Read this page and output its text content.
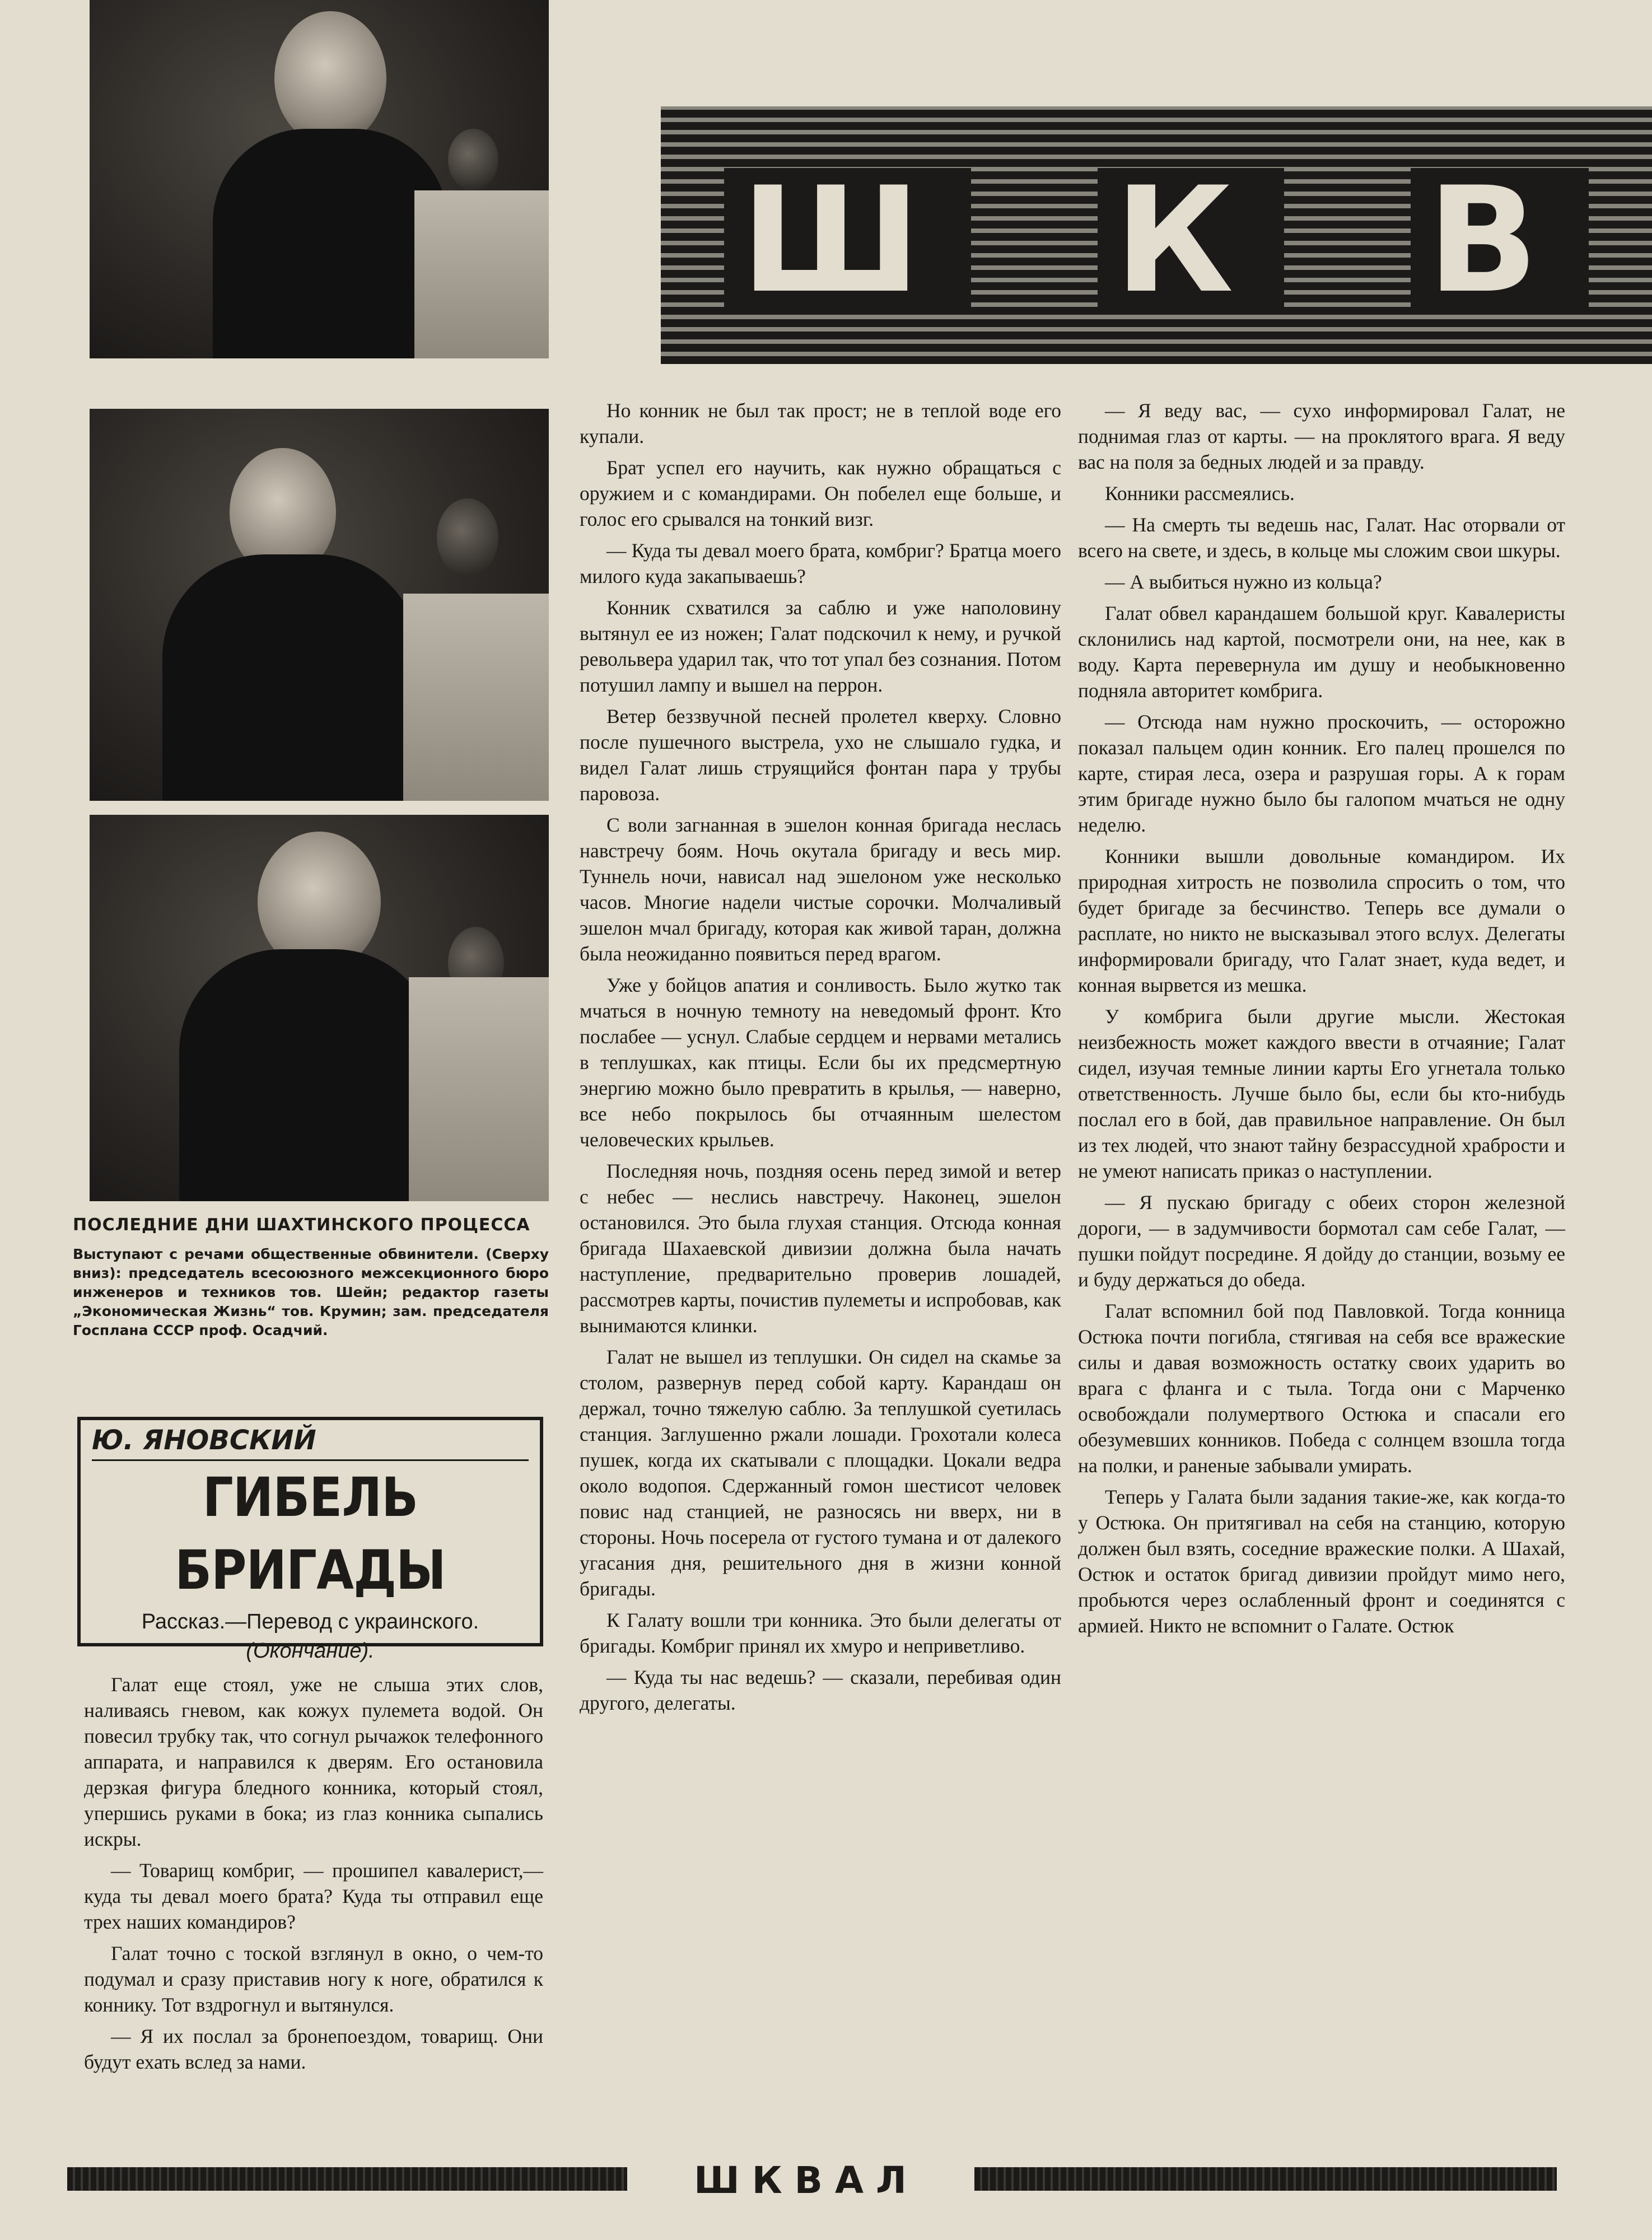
Ш К В

ПОСЛЕДНИЕ ДНИ ШАХТИНСКОГО ПРОЦЕССА

Выступают с речами общественные обвинители. (Сверху вниз): председатель всесоюзного межсекционного бюро инженеров и техников тов. Шейн; редактор газеты „Экономическая Жизнь“ тов. Крумин; зам. председателя Госплана СССР проф. Осадчий.

Ю. ЯНОВСКИЙ
ГИБЕЛЬ БРИГАДЫ
Рассказ.—Перевод с украинского.
(Окончание).

Галат еще стоял, уже не слыша этих слов, наливаясь гневом, как кожух пулемета водой. Он повесил трубку так, что согнул рычажок телефонного аппарата, и направился к дверям. Его остановила дерзкая фигура бледного конника, который стоял, упершись руками в бока; из глаз конника сыпались искры.

— Товарищ комбриг, — прошипел кавалерист,—куда ты девал моего брата? Куда ты отправил еще трех наших командиров?

Галат точно с тоской взглянул в окно, о чем-то подумал и сразу приставив ногу к ноге, обратился к коннику. Тот вздрогнул и вытянулся.

— Я их послал за бронепоездом, товарищ. Они будут ехать вслед за нами.

Но конник не был так прост; не в теплой воде его купали.

Брат успел его научить, как нужно обращаться с оружием и с командирами. Он побелел еще больше, и голос его срывался на тонкий визг.

— Куда ты девал моего брата, комбриг? Братца моего милого куда закапываешь?

Конник схватился за саблю и уже наполовину вытянул ее из ножен; Галат подскочил к нему, и ручкой револьвера ударил так, что тот упал без сознания. Потом потушил лампу и вышел на перрон.

Ветер беззвучной песней пролетел кверху. Словно после пушечного выстрела, ухо не слышало гудка, и видел Галат лишь струящийся фонтан пара у трубы паровоза.

С воли загнанная в эшелон конная бригада неслась навстречу боям. Ночь окутала бригаду и весь мир. Туннель ночи, нависал над эшелоном уже несколько часов. Многие надели чистые сорочки. Молчаливый эшелон мчал бригаду, которая как живой таран, должна была неожиданно появиться перед врагом.

Уже у бойцов апатия и сонливость. Было жутко так мчаться в ночную темноту на неведомый фронт. Кто послабее — уснул. Слабые сердцем и нервами метались в теплушках, как птицы. Если бы их предсмертную энергию можно было превратить в крылья, — наверно, все небо покрылось бы отчаянным шелестом человеческих крыльев.

Последняя ночь, поздняя осень перед зимой и ветер с небес — неслись навстречу. Наконец, эшелон остановился. Это была глухая станция. Отсюда конная бригада Шахаевской дивизии должна была начать наступление, предварительно проверив лошадей, рассмотрев карты, почистив пулеметы и испробовав, как вынимаются клинки.

Галат не вышел из теплушки. Он сидел на скамье за столом, развернув перед собой карту. Карандаш он держал, точно тяжелую саблю. За теплушкой суетилась станция. Заглушенно ржали лошади. Грохотали колеса пушек, когда их скатывали с площадки. Цокали ведра около водопоя. Сдержанный гомон шестисот человек повис над станцией, не разносясь ни вверх, ни в стороны. Ночь посерела от густого тумана и от далекого угасания дня, решительного дня в жизни конной бригады.

К Галату вошли три конника. Это были делегаты от бригады. Комбриг принял их хмуро и неприветливо.

— Куда ты нас ведешь? — сказали, перебивая один другого, делегаты.

— Я веду вас, — сухо информировал Галат, не поднимая глаз от карты. — на проклятого врага. Я веду вас на поля за бедных людей и за правду.

Конники рассмеялись.

— На смерть ты ведешь нас, Галат. Нас оторвали от всего на свете, и здесь, в кольце мы сложим свои шкуры.

— А выбиться нужно из кольца?

Галат обвел карандашем большой круг. Кавалеристы склонились над картой, посмотрели они, на нее, как в воду. Карта перевернула им душу и необыкновенно подняла авторитет комбрига.

— Отсюда нам нужно проскочить, — осторожно показал пальцем один конник. Его палец прошелся по карте, стирая леса, озера и разрушая горы. А к горам этим бригаде нужно было бы галопом мчаться не одну неделю.

Конники вышли довольные командиром. Их природная хитрость не позволила спросить о том, что будет бригаде за бесчинство. Теперь все думали о расплате, но никто не высказывал этого вслух. Делегаты информировали бригаду, что Галат знает, куда ведет, и конная вырвется из мешка.

У комбрига были другие мысли. Жестокая неизбежность может каждого ввести в отчаяние; Галат сидел, изучая темные линии карты Его угнетала только ответственность. Лучше было бы, если бы кто-нибудь послал его в бой, дав правильное направление. Он был из тех людей, что знают тайну безрассудной храбрости и не умеют написать приказ о наступлении.

— Я пускаю бригаду с обеих сторон железной дороги, — в задумчивости бормотал сам себе Галат, — пушки пойдут посредине. Я дойду до станции, возьму ее и буду держаться до обеда.

Галат вспомнил бой под Павловкой. Тогда конница Остюка почти погибла, стягивая на себя все вражеские силы и давая возможность остатку своих ударить во врага с фланга и с тыла. Тогда они с Марченко освобождали полумертвого Остюка и спасали его обезумевших конников. Победа с солнцем взошла тогда на полки, и раненые забывали умирать.

Теперь у Галата были задания такие-же, как когда-то у Остюка. Он притягивал на себя на станцию, которую должен был взять, соседние вражеские полки. А Шахай, Остюк и остаток бригад дивизии пройдут мимо него, пробьются через ослабленный фронт и соединятся с армией. Никто не вспомнит о Галате. Остюк

ШКВАЛ
